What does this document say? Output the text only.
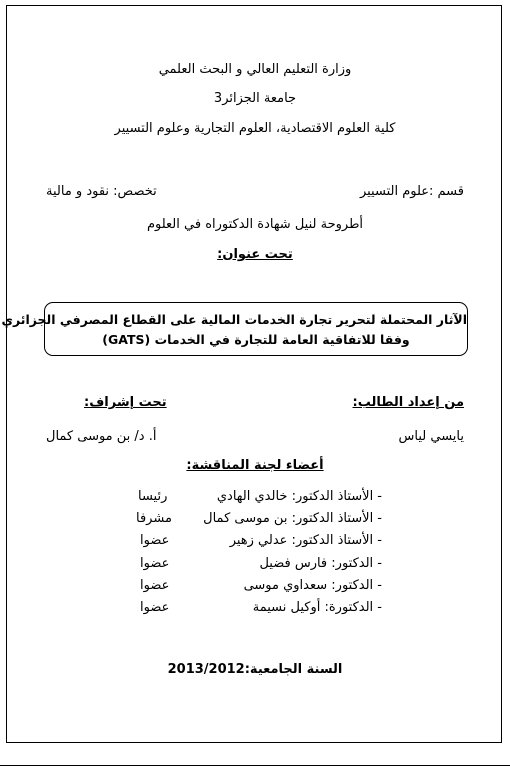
وزارة التعليم العالي و البحث العلمي
جامعة الجزائر3
كلية العلوم الاقتصادية، العلوم التجارية وعلوم التسيير
قسم :علوم التسيير
تخصص: نقود و مالية
أطروحة لنيل شهادة الدكتوراه في العلوم
تحت عنوان:
الآثار المحتملة لتحرير تجارة الخدمات المالية على القطاع المصرفي الجزائري
وفقا للاتفاقية العامة للتجارة في الخدمات (GATS)
من إعداد الطالب:
تحت إشراف:
يايسي لياس
أ. د/ بن موسى كمال
أعضاء لجنة المناقشة:
- الأستاذ الدكتور: خالدي الهادي
رئيسا
- الأستاذ الدكتور: بن موسى كمال
مشرفا
- الأستاذ الدكتور: عدلي زهير
عضوا
- الدكتور: فارس فضيل
عضوا
- الدكتور: سعداوي موسى
عضوا
- الدكتورة: أوكيل نسيمة
عضوا
السنة الجامعية:2013/2012
